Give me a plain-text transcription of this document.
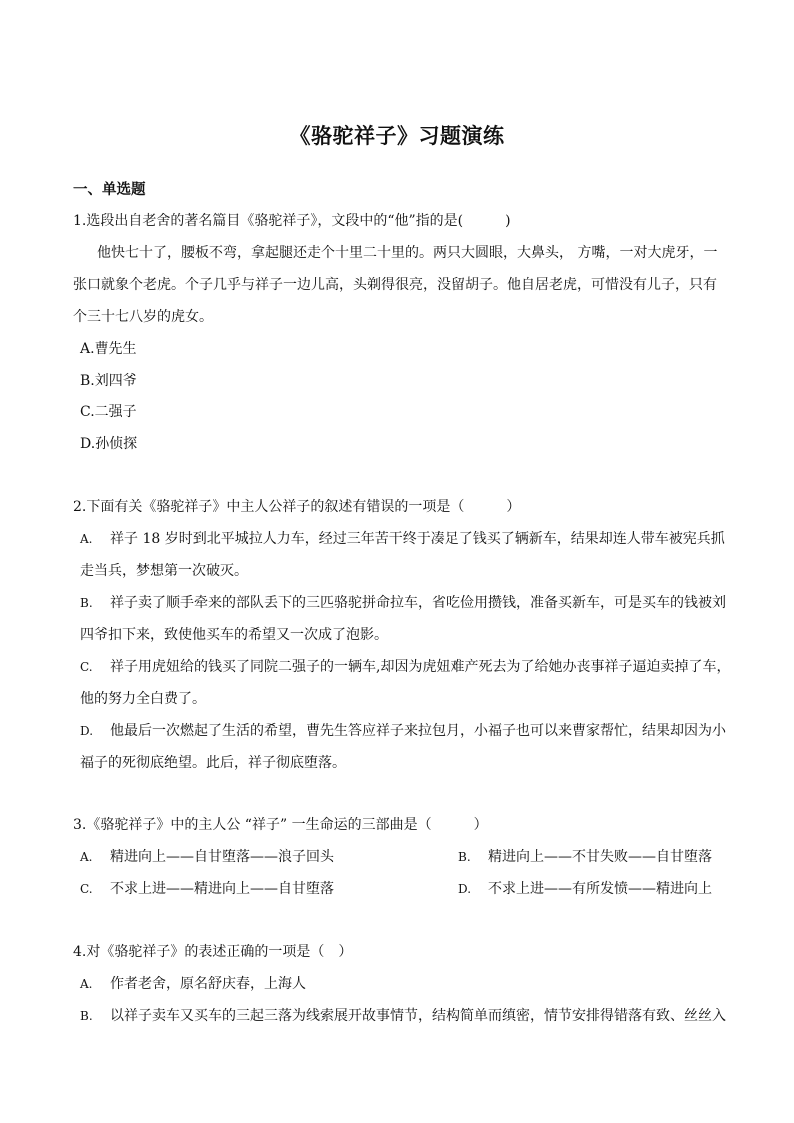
《骆驼祥子》习题演练
一、单选题
1.选段出自老舍的著名篇目《骆驼祥子》，文段中的“他”指的是(　　　)
他快七十了，腰板不弯，拿起腿还走个十里二十里的。两只大圆眼，大鼻头， 方嘴，一对大虎牙，一
张口就象个老虎。个子几乎与祥子一边儿高，头剃得很亮，没留胡子。他自居老虎，可惜没有儿子，只有
个三十七八岁的虎女。
A.曹先生
B.刘四爷
C.二强子
D.孙侦探
2.下面有关《骆驼祥子》中主人公祥子的叙述有错误的一项是（　　　）
A. 祥子 18 岁时到北平城拉人力车，经过三年苦干终于凑足了钱买了辆新车，结果却连人带车被宪兵抓
走当兵，梦想第一次破灭。
B. 祥子卖了顺手牵来的部队丢下的三匹骆驼拼命拉车，省吃俭用攒钱，准备买新车，可是买车的钱被刘
四爷扣下来，致使他买车的希望又一次成了泡影。
C. 祥子用虎妞给的钱买了同院二强子的一辆车,却因为虎妞难产死去为了给她办丧事祥子逼迫卖掉了车，
他的努力全白费了。
D. 他最后一次燃起了生活的希望，曹先生答应祥子来拉包月，小福子也可以来曹家帮忙，结果却因为小
福子的死彻底绝望。此后，祥子彻底堕落。
3.《骆驼祥子》中的主人公 “祥子” 一生命运的三部曲是（　　　）
A. 精进向上——自甘堕落——浪子回头	B. 精进向上——不甘失败——自甘堕落
C. 不求上进——精进向上——自甘堕落	D. 不求上进——有所发愤——精进向上
4.对《骆驼祥子》的表述正确的一项是（　）
A. 作者老舍，原名舒庆春，上海人
B. 以祥子卖车又买车的三起三落为线索展开故事情节，结构简单而缜密，情节安排得错落有致、丝丝入
